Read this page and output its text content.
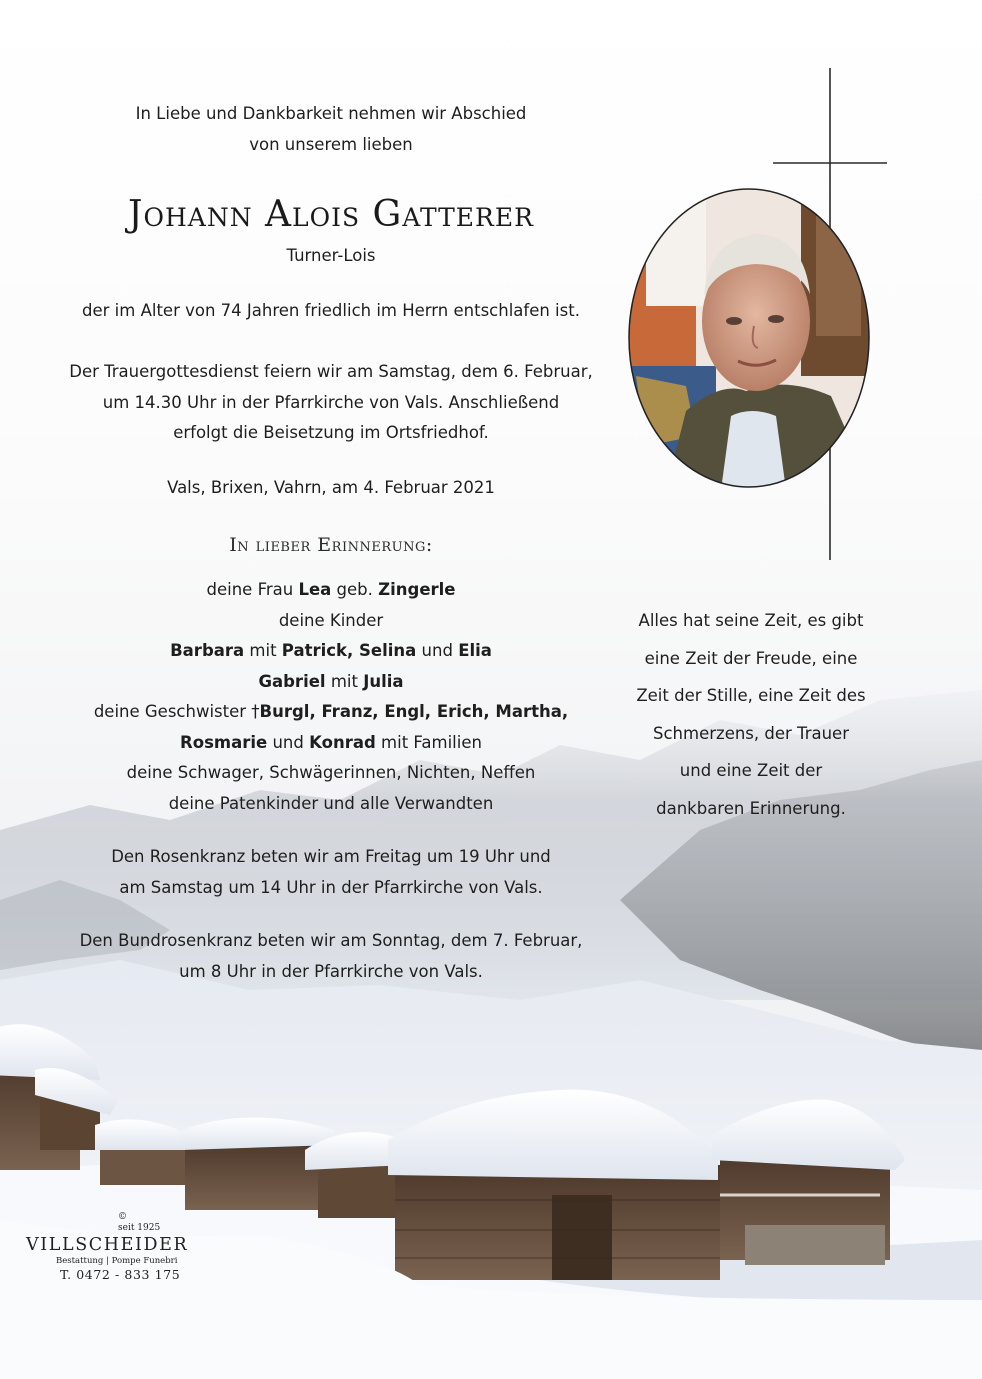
In Liebe und Dankbarkeit nehmen wir Abschied
von unserem lieben
Johann Alois Gatterer
Turner-Lois
der im Alter von 74 Jahren friedlich im Herrn entschlafen ist.
Der Trauergottesdienst feiern wir am Samstag, dem 6. Februar,
um 14.30 Uhr in der Pfarrkirche von Vals. Anschließend
erfolgt die Beisetzung im Ortsfriedhof.
Vals, Brixen, Vahrn, am 4. Februar 2021
In lieber Erinnerung:
deine Frau Lea geb. Zingerle
deine Kinder
Barbara mit Patrick, Selina und Elia
Gabriel mit Julia
deine Geschwister †Burgl, Franz, Engl, Erich, Martha,
Rosmarie und Konrad mit Familien
deine Schwager, Schwägerinnen, Nichten, Neffen
deine Patenkinder und alle Verwandten
Den Rosenkranz beten wir am Freitag um 19 Uhr und
am Samstag um 14 Uhr in der Pfarrkirche von Vals.
Den Bundrosenkranz beten wir am Sonntag, dem 7. Februar,
um 8 Uhr in der Pfarrkirche von Vals.
Alles hat seine Zeit, es gibt
eine Zeit der Freude, eine
Zeit der Stille, eine Zeit des
Schmerzens, der Trauer
und eine Zeit der
dankbaren Erinnerung.
©
seit 1925
VILLSCHEIDER
Bestattung | Pompe Funebri
T. 0472 - 833 175
